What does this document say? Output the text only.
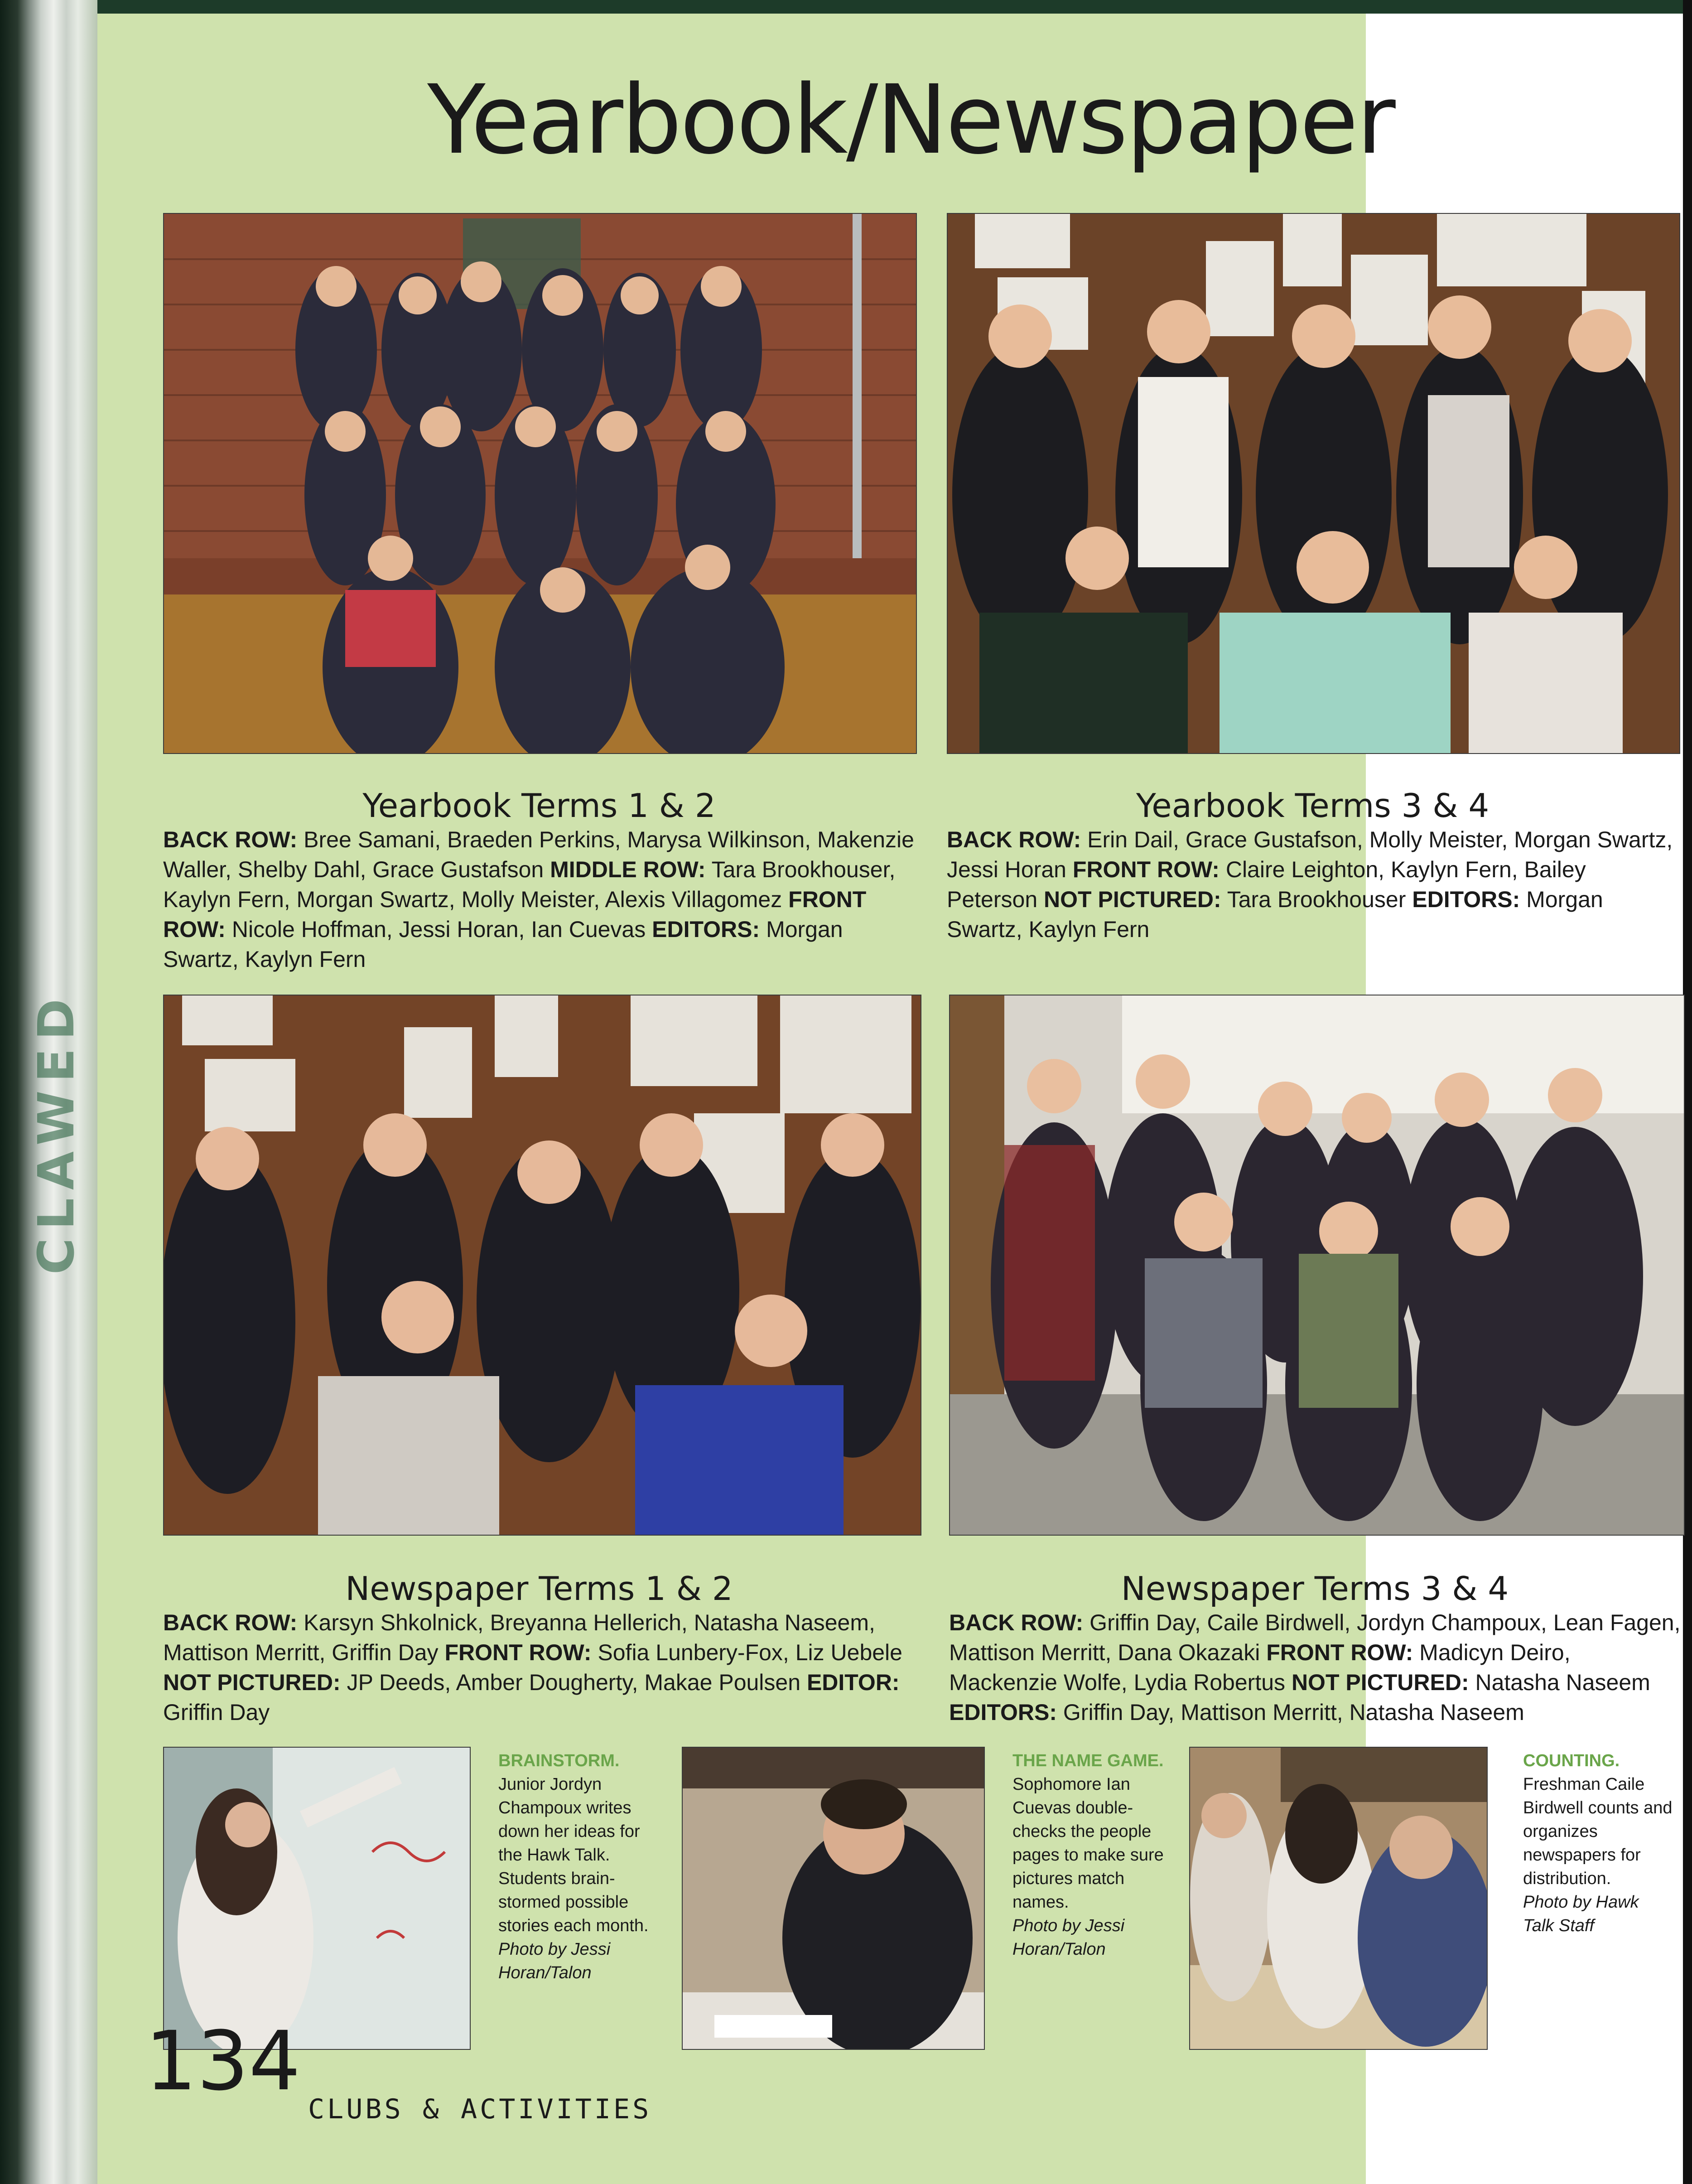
CLAWED
Yearbook/Newspaper
Yearbook Terms 1 & 2
BACK ROW: Bree Samani, Braeden Perkins, Marysa Wilkinson, Makenzie Waller, Shelby Dahl, Grace Gustafson MIDDLE ROW: Tara Brookhouser, Kaylyn Fern, Morgan Swartz, Molly Meister, Alexis Villagomez FRONT ROW: Nicole Hoffman, Jessi Horan, Ian Cuevas EDITORS: Morgan Swartz, Kaylyn Fern
Yearbook Terms 3 & 4
BACK ROW: Erin Dail, Grace Gustafson, Molly Meister, Morgan Swartz, Jessi Horan FRONT ROW: Claire Leighton, Kaylyn Fern, Bailey Peterson NOT PICTURED: Tara Brookhouser EDITORS: Morgan Swartz, Kaylyn Fern
Newspaper Terms 1 & 2
BACK ROW: Karsyn Shkolnick, Breyanna Hellerich, Natasha Naseem, Mattison Merritt, Griffin Day FRONT ROW: Sofia Lunbery-Fox, Liz Uebele NOT PICTURED: JP Deeds, Amber Dougherty, Makae Poulsen EDITOR: Griffin Day
Newspaper Terms 3 & 4
BACK ROW: Griffin Day, Caile Birdwell, Jordyn Champoux, Lean Fagen, Mattison Merritt, Dana Okazaki FRONT ROW: Madicyn Deiro, Mackenzie Wolfe, Lydia Robertus NOT PICTURED: Natasha Naseem EDITORS: Griffin Day, Mattison Merritt, Natasha Naseem
BRAINSTORM.
Junior Jordyn Champoux writes down her ideas for the Hawk Talk. Students brain-stormed possible stories each month.
Photo by Jessi Horan/Talon
THE NAME GAME.
Sophomore Ian Cuevas double-checks the people pages to make sure pictures match names.
Photo by Jessi Horan/Talon
COUNTING.
Freshman Caile Birdwell counts and organizes newspapers for distribution.
Photo by Hawk Talk Staff
134
CLUBS & ACTIVITIES
